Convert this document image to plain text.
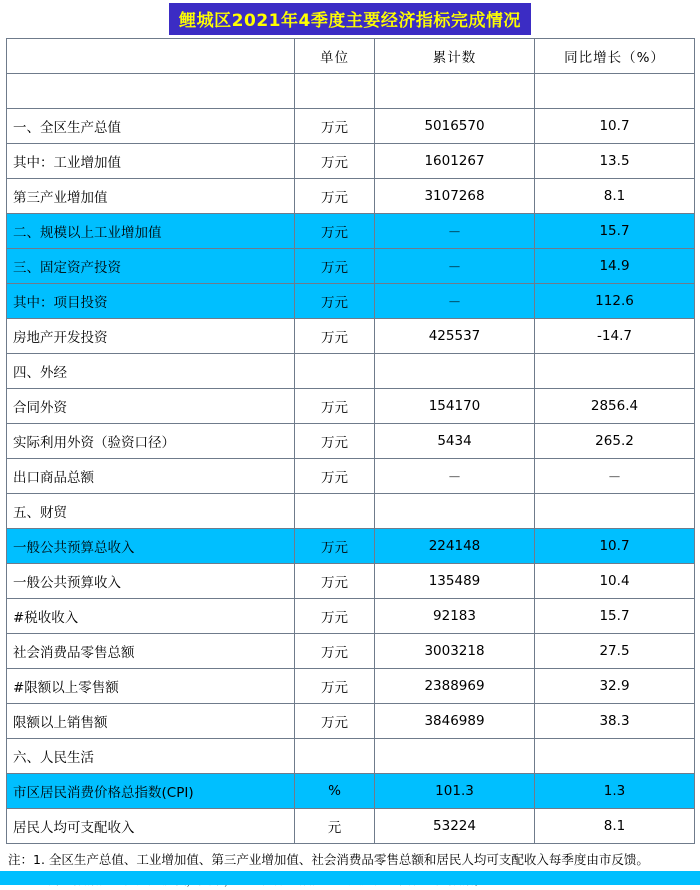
鲤城区2021年4季度主要经济指标完成情况
	单位	累计数	同比增长（%）

一、全区生产总值	万元	5016570	10.7
其中：工业增加值	万元	1601267	13.5
第三产业增加值	万元	3107268	8.1
二、规模以上工业增加值	万元	－	15.7
三、固定资产投资	万元	－	14.9
其中：项目投资	万元	－	112.6
房地产开发投资	万元	425537	-14.7
四、外经			
合同外资	万元	154170	2856.4
实际利用外资（验资口径）	万元	5434	265.2
出口商品总额	万元	－	－
五、财贸			
一般公共预算总收入	万元	224148	10.7
一般公共预算收入	万元	135489	10.4
#税收收入	万元	92183	15.7
社会消费品零售总额	万元	3003218	27.5
#限额以上零售额	万元	2388969	32.9
限额以上销售额	万元	3846989	38.3
六、人民生活			
市区居民消费价格总指数(CPI)	%	101.3	1.3
居民人均可支配收入	元	53224	8.1
注：1. 全区生产总值、工业增加值、第三产业增加值、社会消费品零售总额和居民人均可支配收入每季度由市反馈。
